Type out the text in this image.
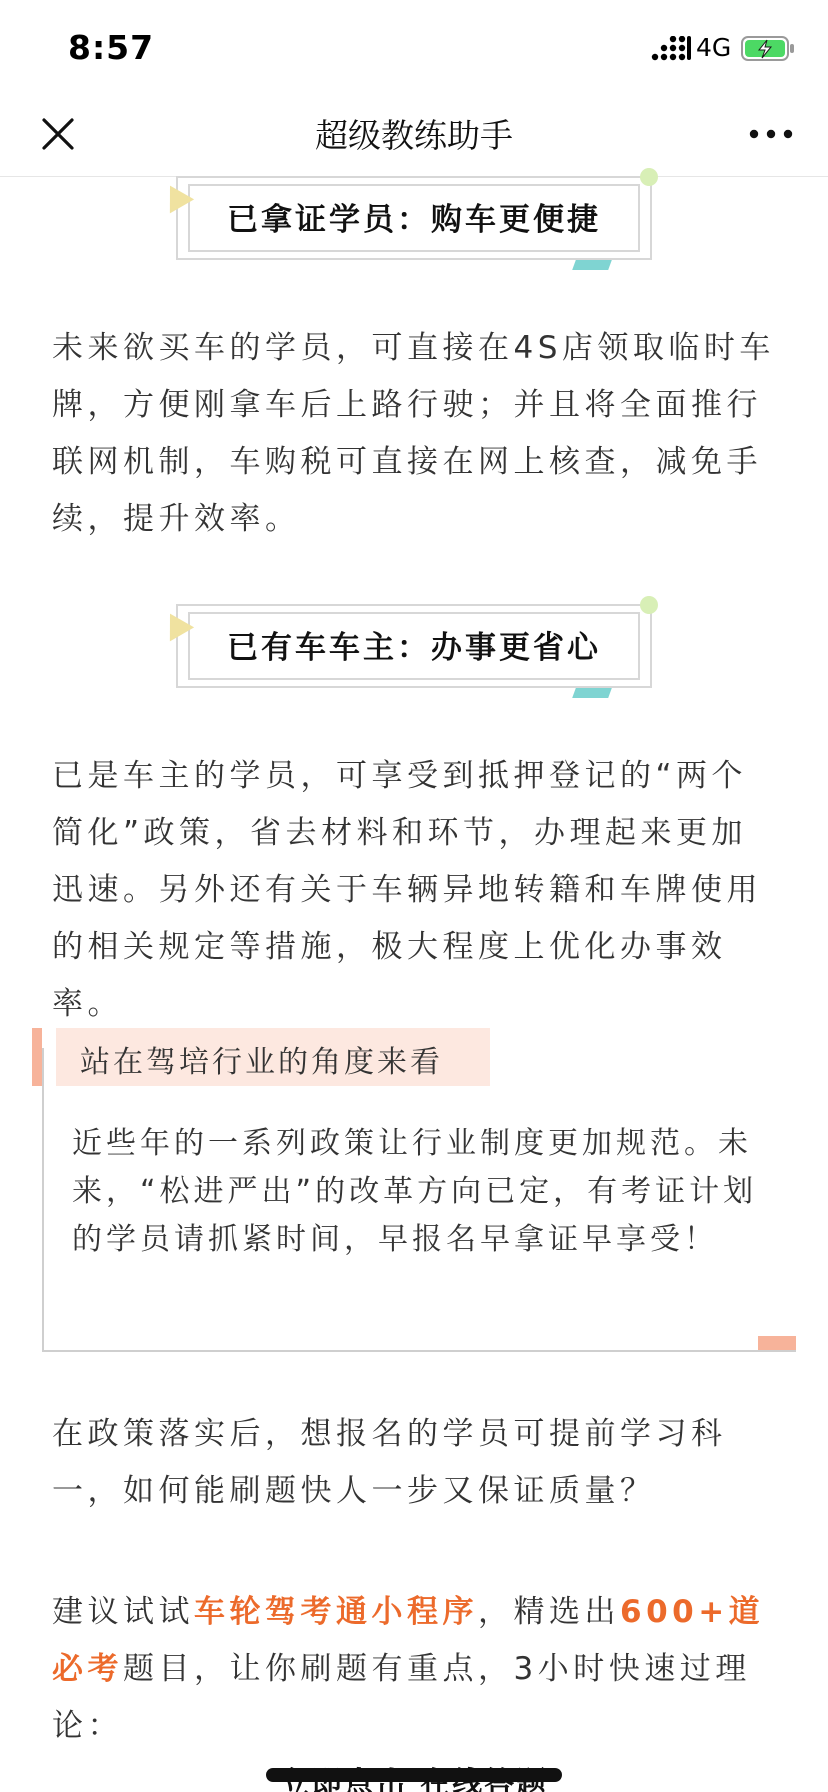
8:57	4G
超级教练助手
已拿证学员：购车更便捷

未来欲买车的学员，可直接在4S店领取临时车牌，方便刚拿车后上路行驶；并且将全面推行联网机制，车购税可直接在网上核查，减免手续，提升效率。

已有车车主：办事更省心

已是车主的学员，可享受到抵押登记的“两个简化”政策，省去材料和环节，办理起来更加迅速。另外还有关于车辆异地转籍和车牌使用的相关规定等措施，极大程度上优化办事效率。

站在驾培行业的角度来看

近些年的一系列政策让行业制度更加规范。未来，“松进严出”的改革方向已定，有考证计划的学员请抓紧时间，早报名早拿证早享受！

在政策落实后，想报名的学员可提前学习科一，如何能刷题快人一步又保证质量？

建议试试车轮驾考通小程序，精选出600+道必考题目，让你刷题有重点，3小时快速过理论：
